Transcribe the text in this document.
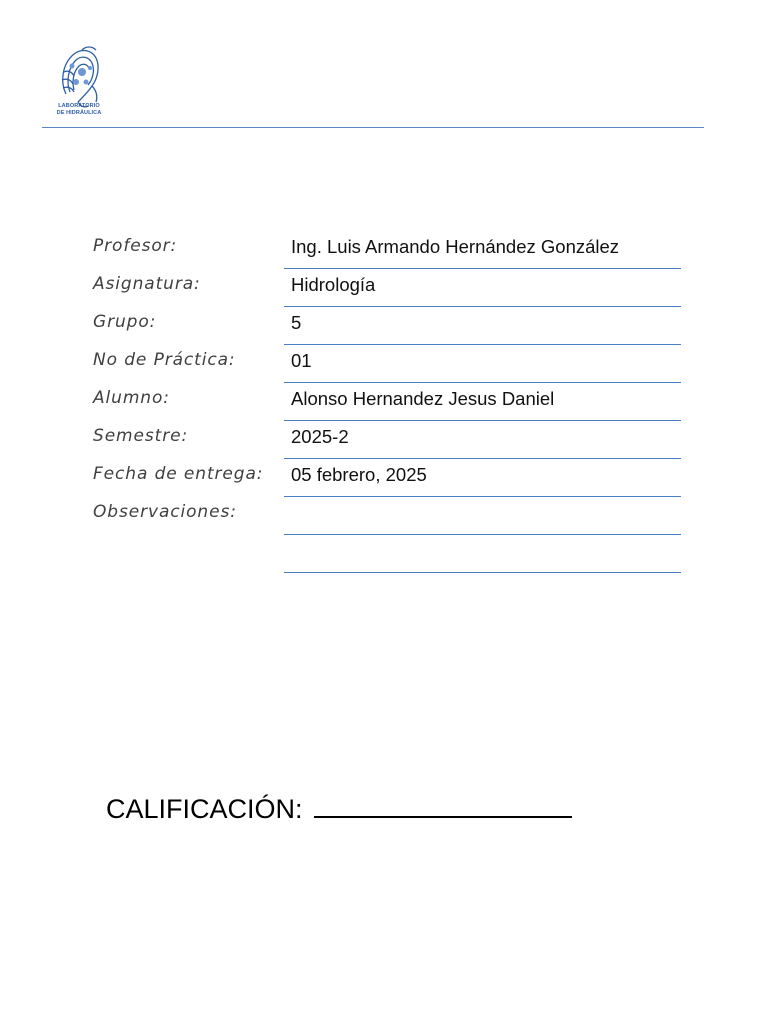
LABORATORIO
DE HIDRÁULICA
Profesor:	Ing. Luis Armando Hernández González
Asignatura:	Hidrología
Grupo:	5
No de Práctica:	01
Alumno:	Alonso Hernandez Jesus Daniel
Semestre:	2025-2
Fecha de entrega: 05 febrero, 2025
Observaciones:
CALIFICACIÓN:
